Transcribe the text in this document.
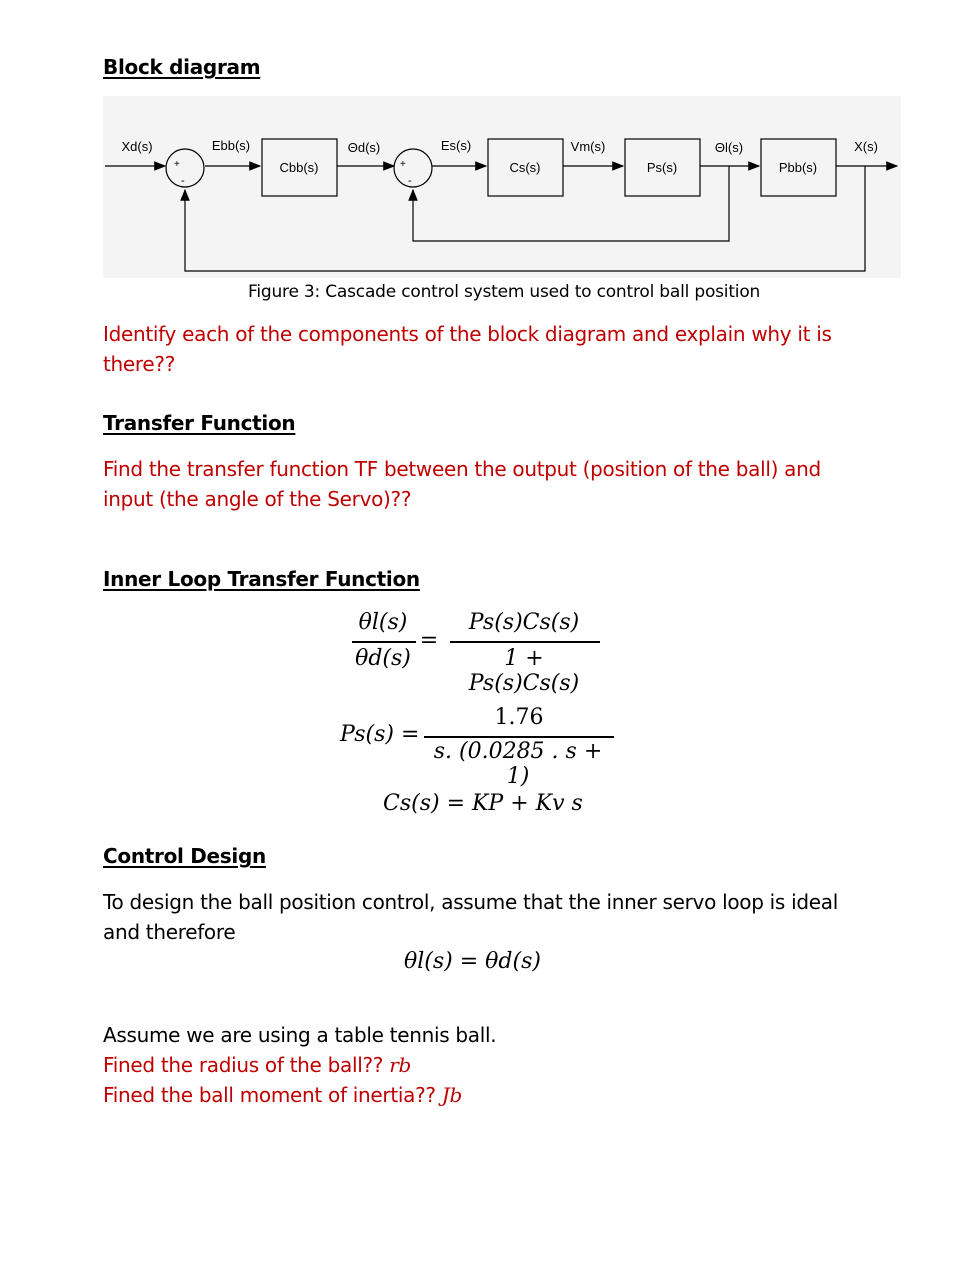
Block diagram
Cbb(s)	Cs(s)	Ps(s)	Pbb(s)
Xd(s)	Ebb(s)	Θd(s)	Es(s)	Vm(s)	Θl(s)	X(s)
+
-
+
-
Figure 3: Cascade control system used to control ball position
Identify each of the components of the block diagram and explain why it is
there??
Transfer Function
Find the transfer function TF between the output (position of the ball) and
input (the angle of the Servo)??
Inner Loop Transfer Function
θl(s)
θd(s)
=
Ps(s)Cs(s)
1 + Ps(s)Cs(s)
Ps(s) =
1.76
s. (0.0285 . s + 1)
Cs(s) = KP + Kv s
Control Design
To design the ball position control, assume that the inner servo loop is ideal
and therefore
θl(s) = θd(s)
Assume we are using a table tennis ball.
Fined the radius of the ball?? rb
Fined the ball moment of inertia?? Jb
